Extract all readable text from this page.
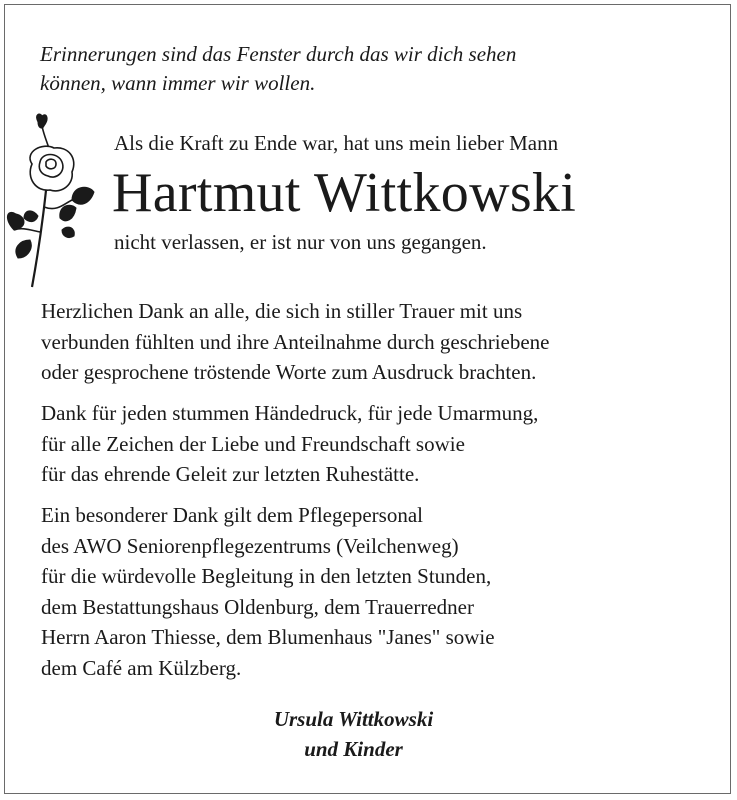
Erinnerungen sind das Fenster durch das wir dich sehen
können, wann immer wir wollen.
Als die Kraft zu Ende war, hat uns mein lieber Mann
Hartmut Wittkowski
nicht verlassen, er ist nur von uns gegangen.
Herzlichen Dank an alle, die sich in stiller Trauer mit uns
verbunden fühlten und ihre Anteilnahme durch geschriebene
oder gesprochene tröstende Worte zum Ausdruck brachten.
Dank für jeden stummen Händedruck, für jede Umarmung,
für alle Zeichen der Liebe und Freundschaft sowie
für das ehrende Geleit zur letzten Ruhestätte.
Ein besonderer Dank gilt dem Pflegepersonal
des AWO Seniorenpflegezentrums (Veilchenweg)
für die würdevolle Begleitung in den letzten Stunden,
dem Bestattungshaus Oldenburg, dem Trauerredner
Herrn Aaron Thiesse, dem Blumenhaus "Janes" sowie
dem Café am Külzberg.
Ursula Wittkowski
und Kinder
